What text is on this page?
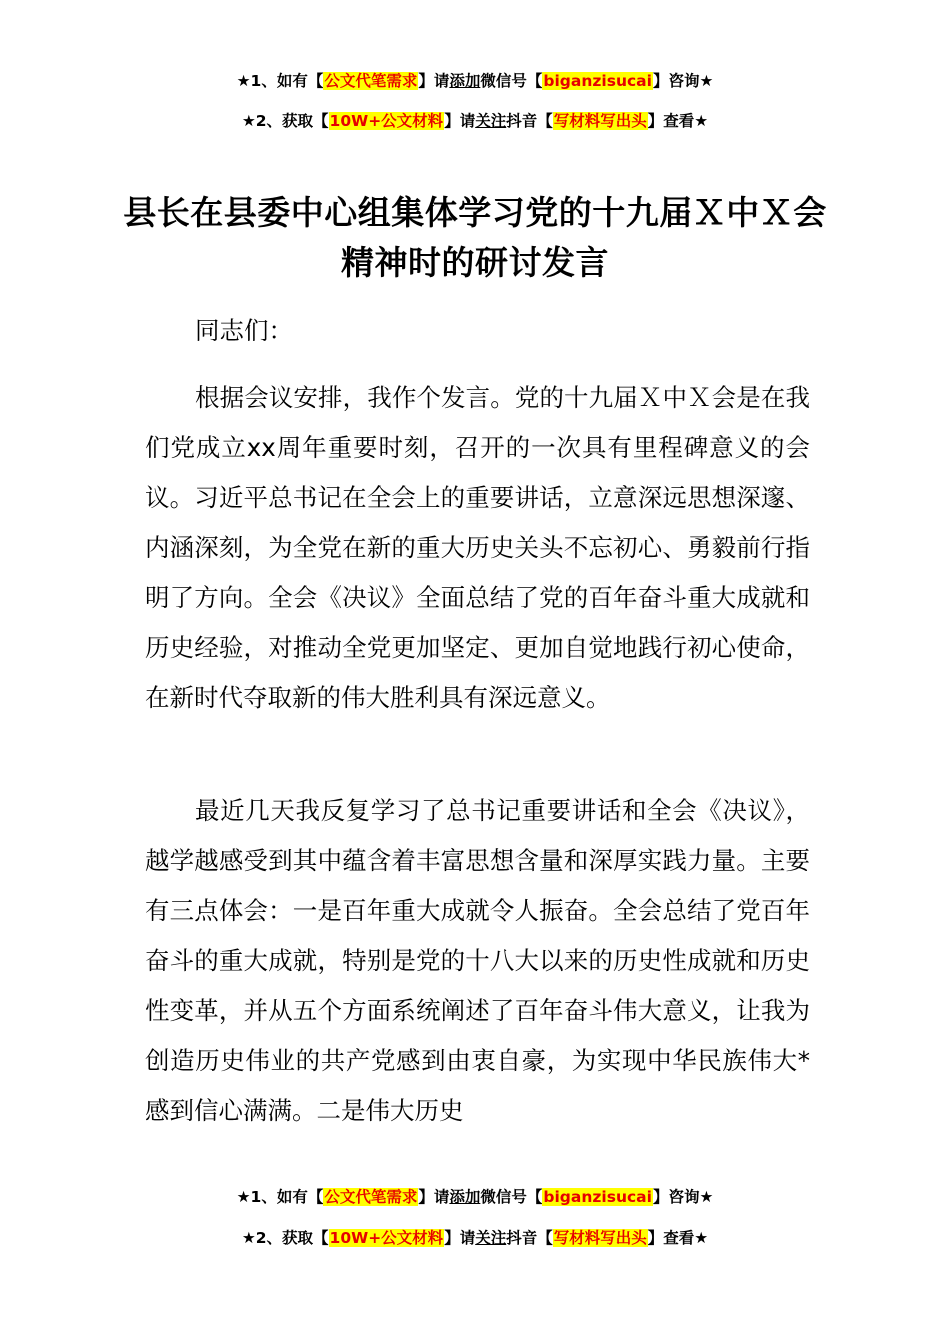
★1、如有【公文代笔需求】请添加微信号【biganzisucai】咨询★
★2、获取【10W+公文材料】请关注抖音【写材料写出头】查看★
县长在县委中心组集体学习党的十九届Ｘ中Ｘ会精神时的研讨发言

同志们：

根据会议安排，我作个发言。党的十九届Ｘ中Ｘ会是在我们党成立xx周年重要时刻，召开的一次具有里程碑意义的会议。习近平总书记在全会上的重要讲话，立意深远思想深邃、内涵深刻，为全党在新的重大历史关头不忘初心、勇毅前行指明了方向。全会《决议》全面总结了党的百年奋斗重大成就和历史经验，对推动全党更加坚定、更加自觉地践行初心使命，在新时代夺取新的伟大胜利具有深远意义。

最近几天我反复学习了总书记重要讲话和全会《决议》，越学越感受到其中蕴含着丰富思想含量和深厚实践力量。主要有三点体会：一是百年重大成就令人振奋。全会总结了党百年奋斗的重大成就，特别是党的十八大以来的历史性成就和历史性变革，并从五个方面系统阐述了百年奋斗伟大意义，让我为创造历史伟业的共产党感到由衷自豪，为实现中华民族伟大*感到信心满满。二是伟大历史

★1、如有【公文代笔需求】请添加微信号【biganzisucai】咨询★
★2、获取【10W+公文材料】请关注抖音【写材料写出头】查看★
